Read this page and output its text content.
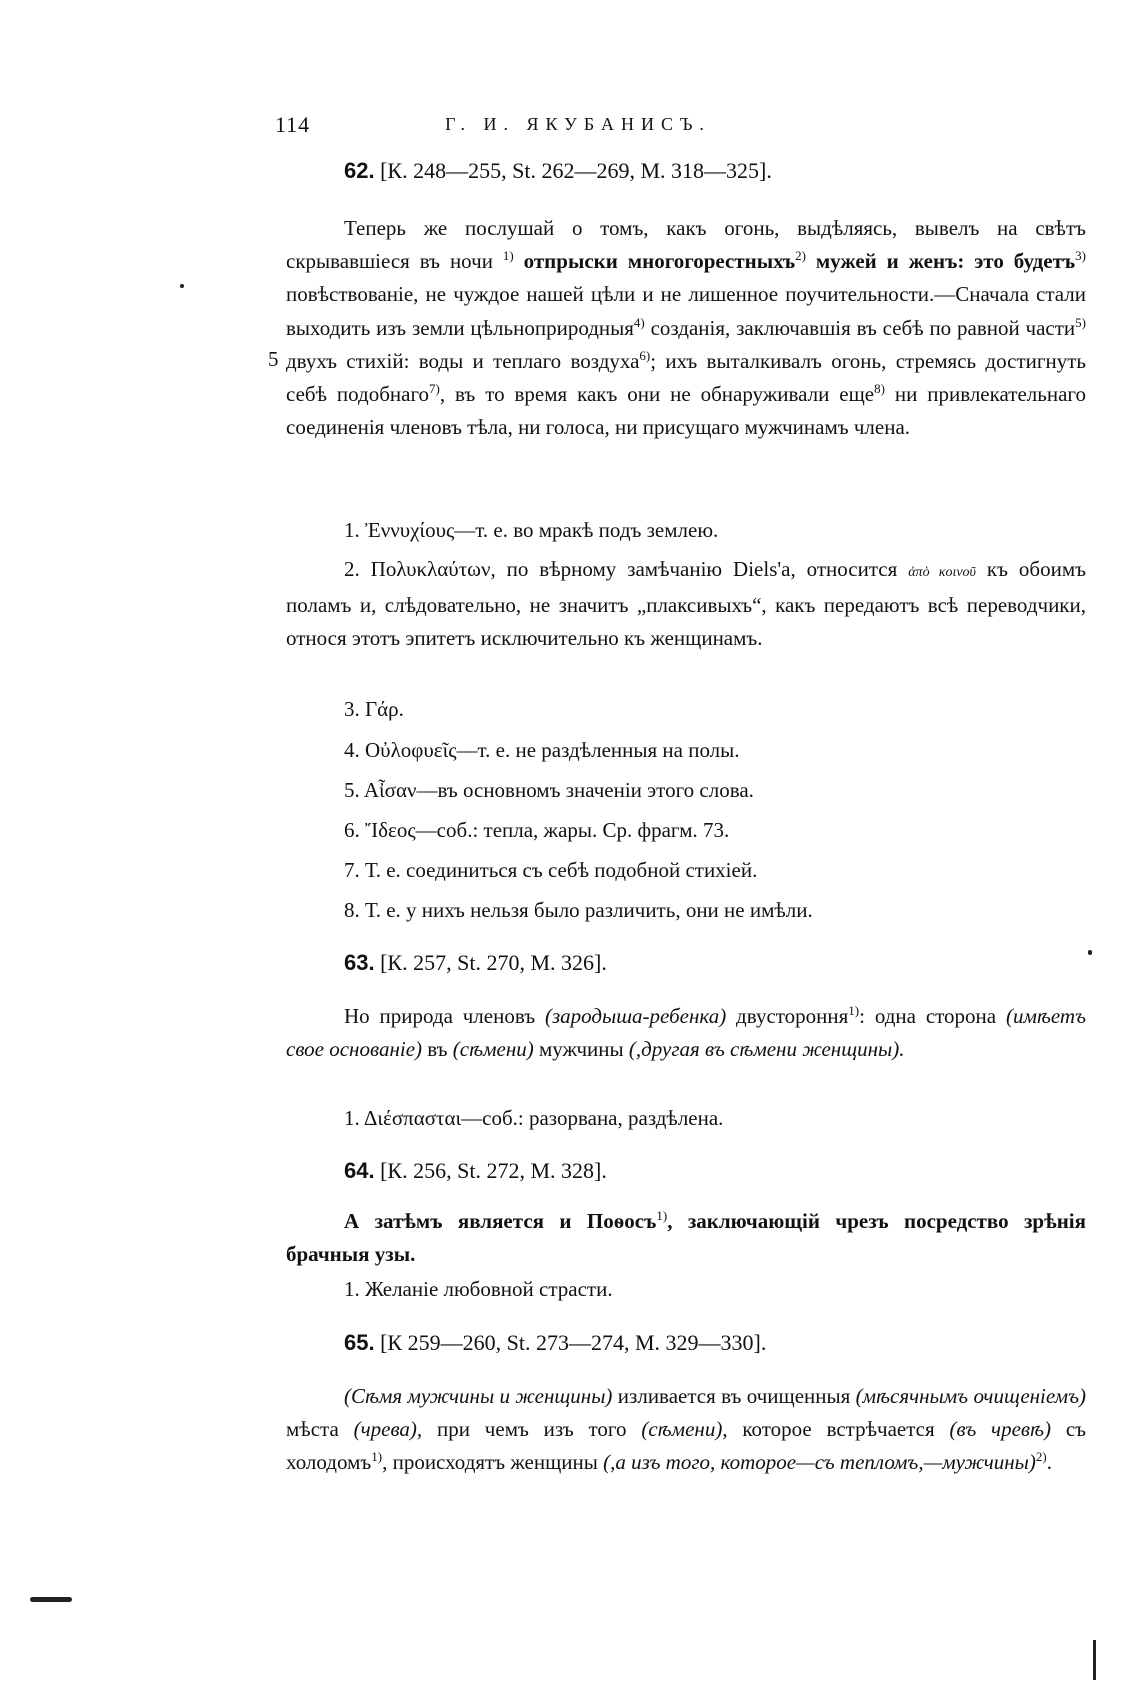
114	Г. И. ЯКУБАНИСЪ.
62. [К. 248—255, St. 262—269, М. 318—325].
Теперь же послушай о томъ, какъ огонь, выдѣляясь, вывелъ на свѣтъ скрывавшіеся въ ночи $^{1)}$ отпрыски многогорестныхъ$^{2)}$ мужей и женъ: это будетъ$^{3)}$ повѣствованіе, не чуждое нашей цѣли и не лишенное поучительности.—Сначала стали выходить изъ земли цѣльноприродныя$^{4)}$ созданія, заключавшія въ себѣ по равной части$^{5)}$ двухъ стихій: воды и теплаго воздуха$^{6)}$; ихъ выталкивалъ огонь, стремясь достигнуть себѣ подобнаго$^{7)}$, въ то время какъ они не обнаруживали еще$^{8)}$ ни привлекательнаго соединенія членовъ тѣла, ни голоса, ни присущаго мужчинамъ члена.
5
1. Ἐννυχίους—т. е. во мракѣ подъ землею.
2. Πολυκλαύτων, по вѣрному замѣчанію Diels'а, относится ἀπὸ κοινοῦ къ обоимъ поламъ и, слѣдовательно, не значитъ „плаксивыхъ“, какъ передаютъ всѣ переводчики, относя этотъ эпитетъ исключительно къ женщинамъ.
3. Γάρ.
4. Οὐλοφυεῖς—т. е. не раздѣленныя на полы.
5. Αἶσαν—въ основномъ значеніи этого слова.
6. Ἴδεος—соб.: тепла, жары. Ср. фрагм. 73.
7. Т. е. соединиться съ себѣ подобной стихіей.
8. Т. е. у нихъ нельзя было различить, они не имѣли.
63. [К. 257, St. 270, М. 326].
Но природа членовъ (зародыша-ребенка) двустороння$^{1)}$: одна сторона (имѣетъ свое основаніе) въ (сѣмени) мужчины (,другая въ сѣмени женщины).
1. Διέσπασται—соб.: разорвана, раздѣлена.
64. [К. 256, St. 272, М. 328].
А затѣмъ является и Поѳосъ$^{1)}$, заключающій чрезъ посредство зрѣнія брачныя узы.
1. Желаніе любовной страсти.
65. [К 259—260, St. 273—274, М. 329—330].
(Сѣмя мужчины и женщины) изливается въ очищенныя (мѣсячнымъ очищеніемъ) мѣста (чрева), при чемъ изъ того (сѣмени), которое встрѣчается (въ чревѣ) съ холодомъ$^{1)}$, происходятъ женщины (,а изъ того, которое—съ тепломъ,—мужчины)$^{2)}$.
